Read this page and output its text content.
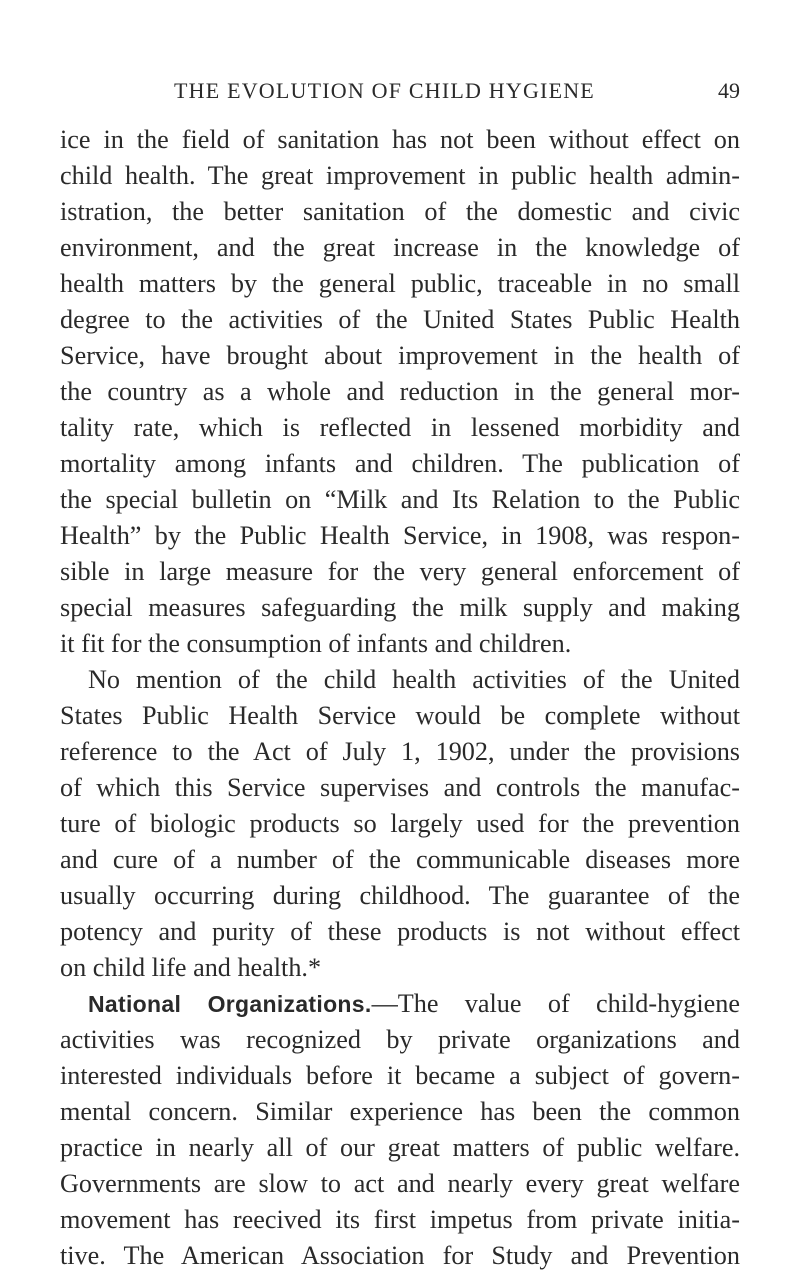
THE EVOLUTION OF CHILD HYGIENE	49
ice in the field of sanitation has not been without effect on
child health. The great improvement in public health admin-
istration, the better sanitation of the domestic and civic
environment, and the great increase in the knowledge of
health matters by the general public, traceable in no small
degree to the activities of the United States Public Health
Service, have brought about improvement in the health of
the country as a whole and reduction in the general mor-
tality rate, which is reflected in lessened morbidity and
mortality among infants and children. The publication of
the special bulletin on “Milk and Its Relation to the Public
Health” by the Public Health Service, in 1908, was respon-
sible in large measure for the very general enforcement of
special measures safeguarding the milk supply and making
it fit for the consumption of infants and children.
No mention of the child health activities of the United
States Public Health Service would be complete without
reference to the Act of July 1, 1902, under the provisions
of which this Service supervises and controls the manufac-
ture of biologic products so largely used for the prevention
and cure of a number of the communicable diseases more
usually occurring during childhood. The guarantee of the
potency and purity of these products is not without effect
on child life and health.*
National Organizations.—The value of child-hygiene
activities was recognized by private organizations and
interested individuals before it became a subject of govern-
mental concern. Similar experience has been the common
practice in nearly all of our great matters of public welfare.
Governments are slow to act and nearly every great welfare
movement has reecived its first impetus from private initia-
tive. The American Association for Study and Prevention
